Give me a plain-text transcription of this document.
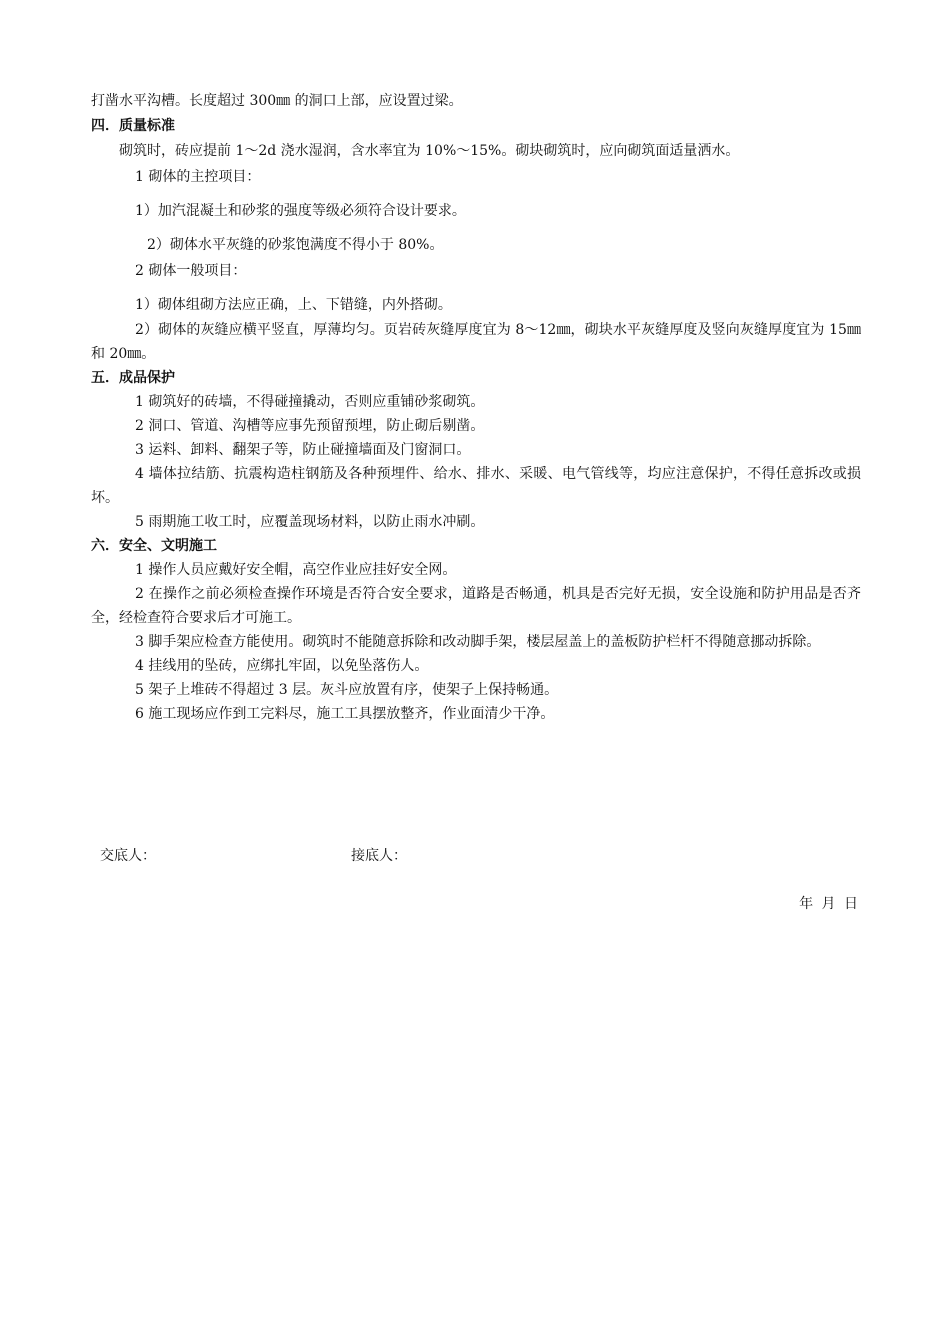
打凿水平沟槽。长度超过 300㎜ 的洞口上部，应设置过梁。

四．质量标准

砌筑时，砖应提前 1～2d 浇水湿润，含水率宜为 10%～15%。砌块砌筑时，应向砌筑面适量洒水。

1 砌体的主控项目：

1）加汽混凝土和砂浆的强度等级必须符合设计要求。

2）砌体水平灰缝的砂浆饱满度不得小于 80%。

2 砌体一般项目：

1）砌体组砌方法应正确，上、下错缝，内外搭砌。

2）砌体的灰缝应横平竖直，厚薄均匀。页岩砖灰缝厚度宜为 8～12㎜，砌块水平灰缝厚度及竖向灰缝厚度宜为 15㎜ 和 20㎜。

五．成品保护

1 砌筑好的砖墙，不得碰撞撬动，否则应重铺砂浆砌筑。

2 洞口、管道、沟槽等应事先预留预埋，防止砌后剔凿。

3 运料、卸料、翻架子等，防止碰撞墙面及门窗洞口。

4 墙体拉结筋、抗震构造柱钢筋及各种预埋件、给水、排水、采暖、电气管线等，均应注意保护，不得任意拆改或损坏。

5 雨期施工收工时，应覆盖现场材料，以防止雨水冲刷。

六．安全、文明施工

1 操作人员应戴好安全帽，高空作业应挂好安全网。

2 在操作之前必须检查操作环境是否符合安全要求，道路是否畅通，机具是否完好无损，安全设施和防护用品是否齐全，经检查符合要求后才可施工。

3 脚手架应检查方能使用。砌筑时不能随意拆除和改动脚手架，楼层屋盖上的盖板防护栏杆不得随意挪动拆除。

4 挂线用的坠砖，应绑扎牢固，以免坠落伤人。

5 架子上堆砖不得超过 3 层。灰斗应放置有序，使架子上保持畅通。

6 施工现场应作到工完料尽，施工工具摆放整齐，作业面清少干净。

交底人：	接底人：
年 月 日
